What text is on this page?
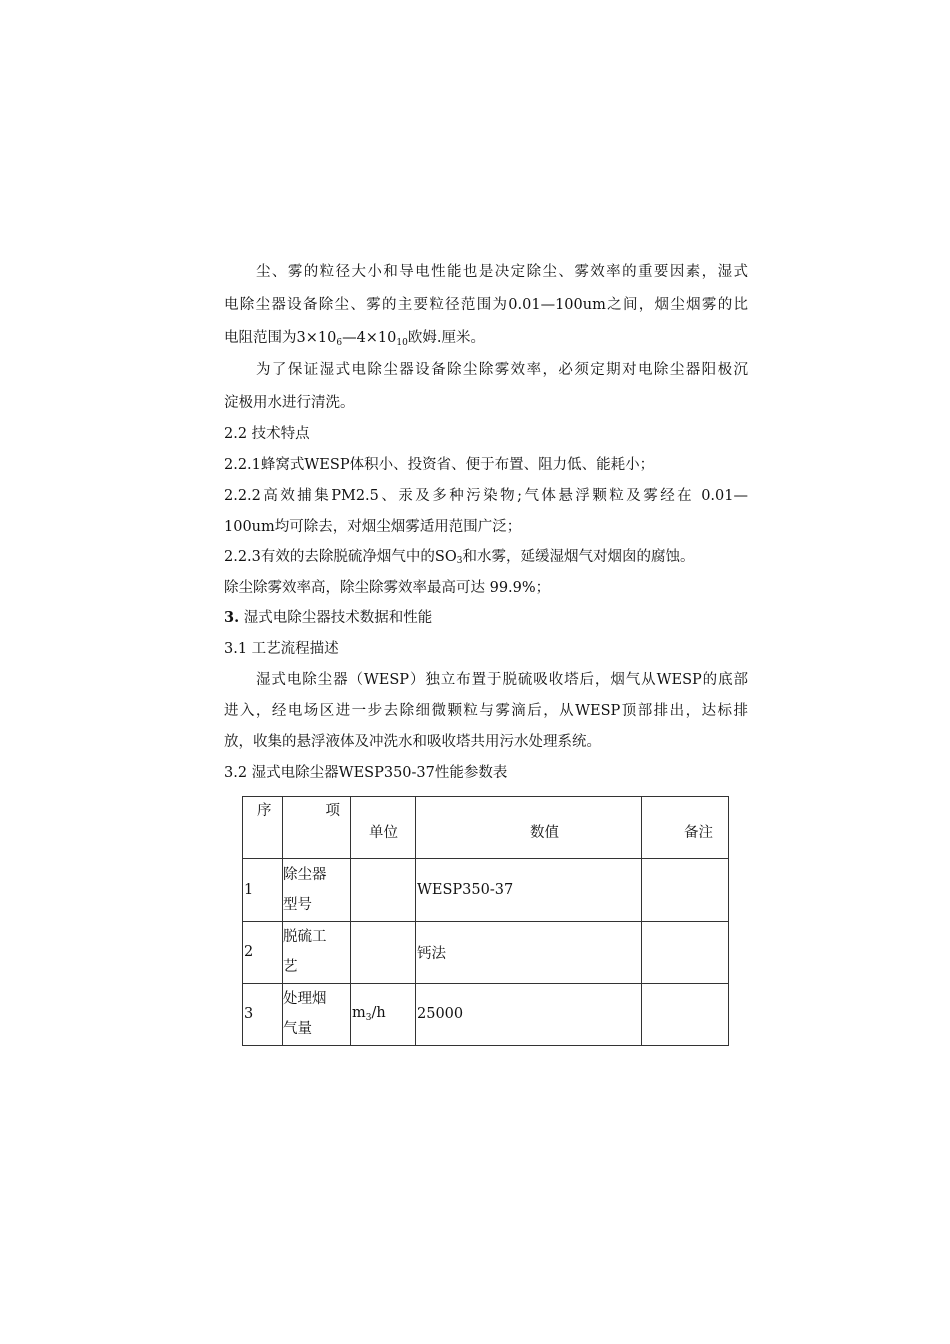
尘、雾的粒径大小和导电性能也是决定除尘、雾效率的重要因素，湿式
电除尘器设备除尘、雾的主要粒径范围为0.01—100um之间，烟尘烟雾的比
电阻范围为$3\times 10_6—4\times 10_{10}$欧姆.厘米。
为了保证湿式电除尘器设备除尘除雾效率，必须定期对电除尘器阳极沉
淀极用水进行清洗。
2.2 技术特点
2.2.1蜂窝式WESP体积小、投资省、便于布置、阻力低、能耗小；
2.2.2高效捕集PM2.5、汞及多种污染物;气体悬浮颗粒及雾经在 0.01—
100um均可除去，对烟尘烟雾适用范围广泛；
2.2.3有效的去除脱硫净烟气中的SO3和水雾，延缓湿烟气对烟囱的腐蚀。
除尘除雾效率高，除尘除雾效率最高可达 99.9%；
3. 湿式电除尘器技术数据和性能
3.1 工艺流程描述
湿式电除尘器（WESP）独立布置于脱硫吸收塔后，烟气从WESP的底部
进入，经电场区进一步去除细微颗粒与雾滴后，从WESP顶部排出，达标排
放，收集的悬浮液体及冲洗水和吸收塔共用污水处理系统。
3.2 湿式电除尘器WESP350-37性能参数表
序	项	单位	数值	备注

1	除尘器
型号		WESP350-37	

2	脱硫工
艺		钙法	

3	处理烟
气量	$m_3/h$	25000	
